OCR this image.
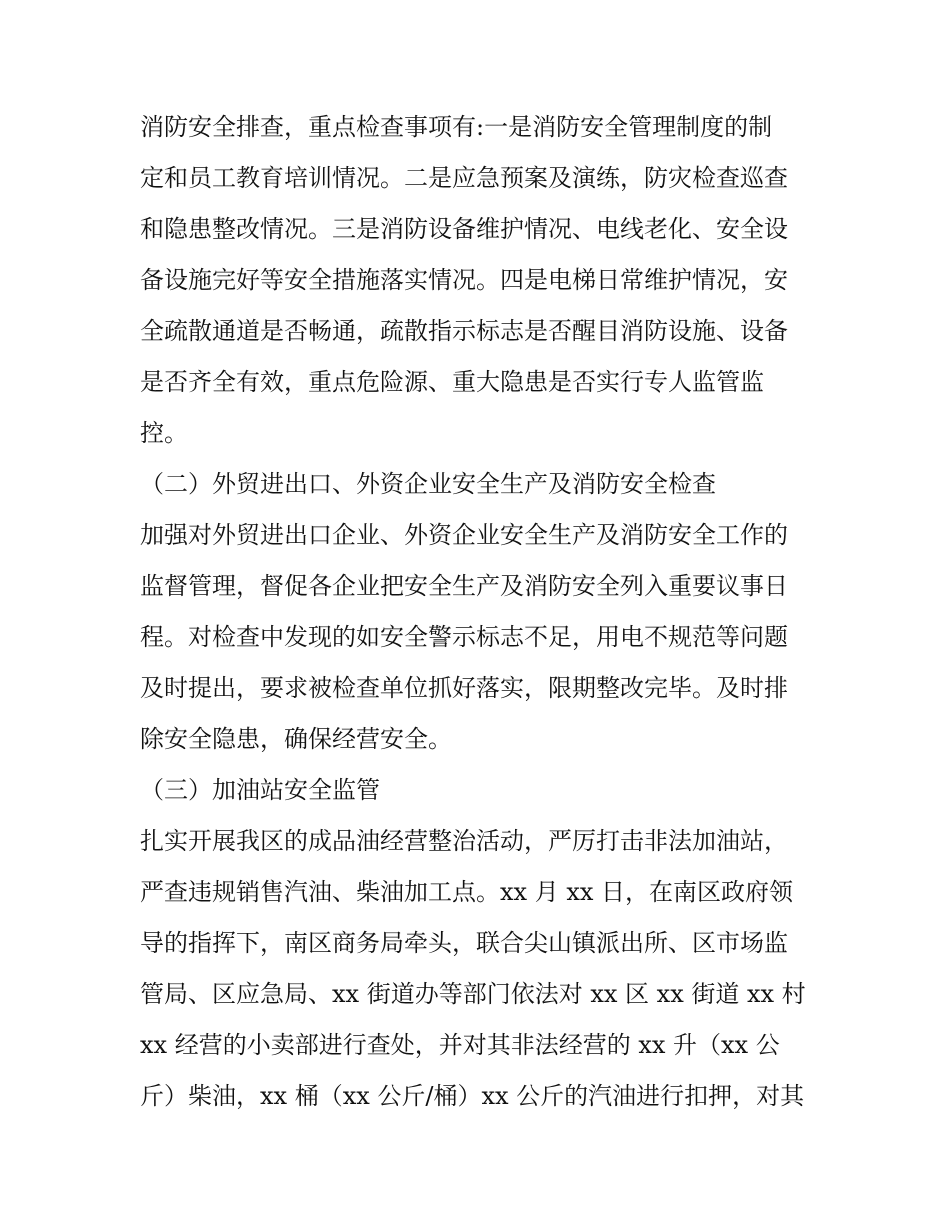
消防安全排查，重点检查事项有:一是消防安全管理制度的制
定和员工教育培训情况。二是应急预案及演练，防灾检查巡查
和隐患整改情况。三是消防设备维护情况、电线老化、安全设
备设施完好等安全措施落实情况。四是电梯日常维护情况，安
全疏散通道是否畅通，疏散指示标志是否醒目消防设施、设备
是否齐全有效，重点危险源、重大隐患是否实行专人监管监
控。
（二）外贸进出口、外资企业安全生产及消防安全检查
加强对外贸进出口企业、外资企业安全生产及消防安全工作的
监督管理，督促各企业把安全生产及消防安全列入重要议事日
程。对检查中发现的如安全警示标志不足，用电不规范等问题
及时提出，要求被检查单位抓好落实，限期整改完毕。及时排
除安全隐患，确保经营安全。
（三）加油站安全监管
扎实开展我区的成品油经营整治活动，严厉打击非法加油站，
严查违规销售汽油、柴油加工点。xx 月 xx 日，在南区政府领
导的指挥下，南区商务局牵头，联合尖山镇派出所、区市场监
管局、区应急局、xx 街道办等部门依法对 xx 区 xx 街道 xx 村
xx 经营的小卖部进行查处，并对其非法经营的 xx 升（xx 公
斤）柴油，xx 桶（xx 公斤/桶）xx 公斤的汽油进行扣押，对其
